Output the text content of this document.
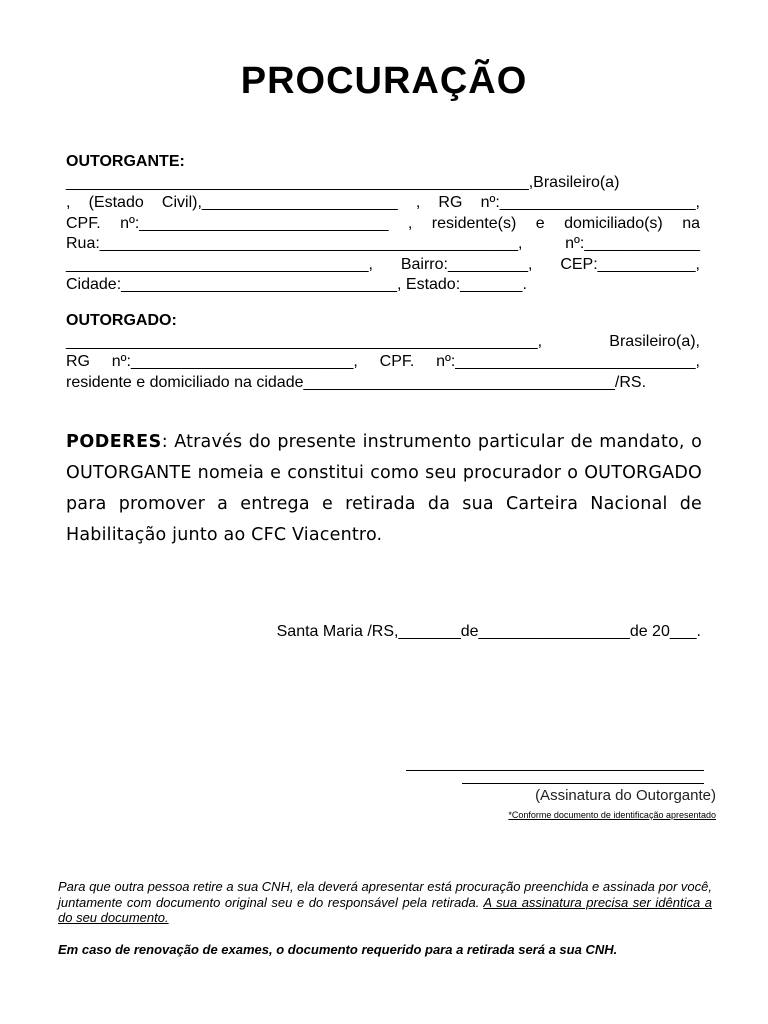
PROCURAÇÃO
OUTORGANTE:
____________________________________________________,Brasileiro(a)
, (Estado Civil),______________________ , RG nº:______________________,
CPF. nº:____________________________ , residente(s) e domiciliado(s) na
Rua:_______________________________________________, nº:_____________
__________________________________, Bairro:_________, CEP:___________,
Cidade:_______________________________, Estado:_______.
OUTORGADO:
_____________________________________________________, Brasileiro(a),
RG nº:_________________________, CPF. nº:___________________________,
residente e domiciliado na cidade___________________________________/RS.
PODERES: Através do presente instrumento particular de mandato, o OUTORGANTE nomeia e constitui como seu procurador o OUTORGADO para promover a entrega e retirada da sua Carteira Nacional de Habilitação junto ao CFC Viacentro.
Santa Maria /RS,_______de_________________de 20___.
(Assinatura do Outorgante)
*Conforme documento de identificação apresentado
Para que outra pessoa retire a sua CNH, ela deverá apresentar está procuração preenchida e assinada por você, juntamente com documento original seu e do responsável pela retirada. A sua assinatura precisa ser idêntica a do seu documento.
Em caso de renovação de exames, o documento requerido para a retirada será a sua CNH.
